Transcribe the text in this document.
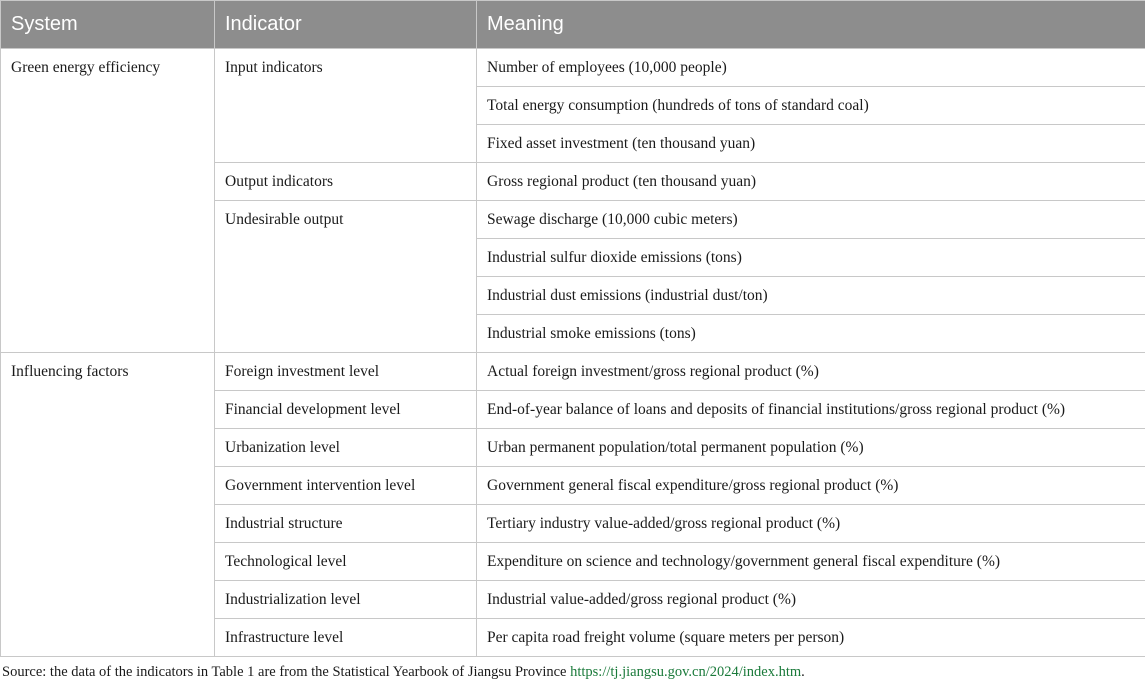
System	Indicator	Meaning
Green energy efficiency	Input indicators	Number of employees (10,000 people)
		Total energy consumption (hundreds of tons of standard coal)
		Fixed asset investment (ten thousand yuan)
	Output indicators	Gross regional product (ten thousand yuan)
	Undesirable output	Sewage discharge (10,000 cubic meters)
		Industrial sulfur dioxide emissions (tons)
		Industrial dust emissions (industrial dust/ton)
		Industrial smoke emissions (tons)
Influencing factors	Foreign investment level	Actual foreign investment/gross regional product (%)
	Financial development level	End-of-year balance of loans and deposits of financial institutions/gross regional product (%)
	Urbanization level	Urban permanent population/total permanent population (%)
	Government intervention level	Government general fiscal expenditure/gross regional product (%)
	Industrial structure	Tertiary industry value-added/gross regional product (%)
	Technological level	Expenditure on science and technology/government general fiscal expenditure (%)
	Industrialization level	Industrial value-added/gross regional product (%)
	Infrastructure level	Per capita road freight volume (square meters per person)
Source: the data of the indicators in Table 1 are from the Statistical Yearbook of Jiangsu Province https://tj.jiangsu.gov.cn/2024/index.htm.
